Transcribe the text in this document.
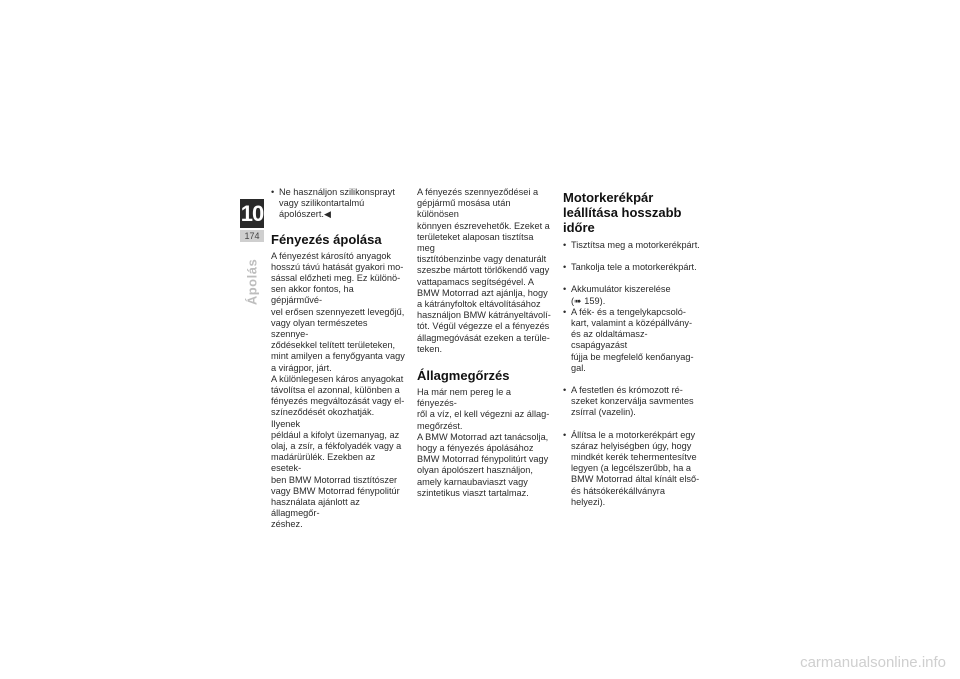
10
174
Ápolás
• Ne használjon szilikonsprayt
vagy szilikontartalmú
ápolószert.◀
Fényezés ápolása

A fényezést károsító anyagok
hosszú távú hatását gyakori mo-
sással előzheti meg. Ez különö-
sen akkor fontos, ha gépjárművé-
vel erősen szennyezett levegőjű,
vagy olyan természetes szennye-
ződésekkel telített területeken,
mint amilyen a fenyőgyanta vagy
a virágpor, járt.
A különlegesen káros anyagokat
távolítsa el azonnal, különben a
fényezés megváltozását vagy el-
színeződését okozhatják. Ilyenek
például a kifolyt üzemanyag, az
olaj, a zsír, a fékfolyadék vagy a
madárürülék. Ezekben az esetek-
ben BMW Motorrad tisztítószer
vagy BMW Motorrad fénypolitúr
használata ajánlott az állagmegőr-
zéshez.

A fényezés szennyeződései a
gépjármű mosása után különösen
könnyen észrevehetők. Ezeket a
területeket alaposan tisztítsa meg
tisztítóbenzinbe vagy denaturált
szeszbe mártott törlőkendő vagy
vattapamacs segítségével. A
BMW Motorrad azt ajánlja, hogy
a kátrányfoltok eltávolításához
használjon BMW kátrányeltávolí-
tót. Végül végezze el a fényezés
állagmegóvását ezeken a terüle-
teken.

Állagmegőrzés

Ha már nem pereg le a fényezés-
ről a víz, el kell végezni az állag-
megőrzést.
A BMW Motorrad azt tanácsolja,
hogy a fényezés ápolásához
BMW Motorrad fénypolitúrt vagy
olyan ápolószert használjon,
amely karnaubaviaszt vagy
szintetikus viaszt tartalmaz.

Motorkerékpár
leállítása hosszabb
időre
• Tisztítsa meg a motorkerékpárt.
• Tankolja tele a motorkerékpárt.
• Akkumulátor kiszerelése
(➠ 159).
• A fék- és a tengelykapcsoló-
kart, valamint a középállvány-
és az oldaltámasz-csapágyazást
fújja be megfelelő kenőanyag-
gal.
• A festetlen és krómozott ré-
szeket konzerválja savmentes
zsírral (vazelin).
• Állítsa le a motorkerékpárt egy
száraz helyiségben úgy, hogy
mindkét kerék tehermentesítve
legyen (a legcélszerűbb, ha a
BMW Motorrad által kínált első-
és hátsókerékállványra helyezi).
carmanualsonline.info
